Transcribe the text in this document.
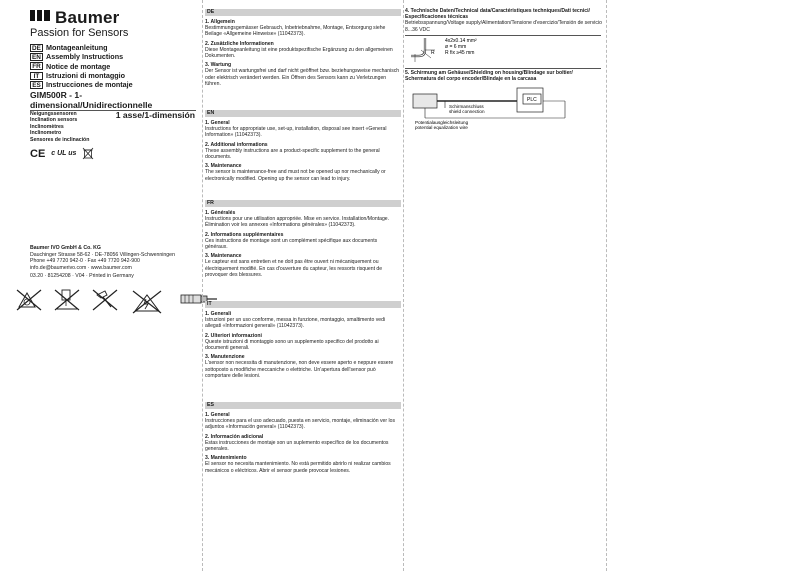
Baumer
Passion for Sensors
DE Montageanleitung
EN Assembly Instructions
FR Notice de montage
IT Istruzioni di montaggio
ES Instrucciones de montaje
GIM500R - 1-dimensional/Unidirectionnelle
1 asse/1-dimensión
Neigungssensoren
Inclination sensors
Inclinomètres
Inclinometro
Sensores de inclinación
CE c UL us
Baumer IVO GmbH & Co. KG
Dauchinger Strasse 58-62 · DE-78056 Villingen-Schwenningen
Phone +49 7720 942-0 · Fax +49 7720 942-900
info.de@baumerivo.com · www.baumer.com
03.20 · 81254208 · V04 · Printed in Germany
DE

1. Allgemein

Bestimmungsgemässer Gebrauch, Inbetriebnahme, Montage, Entsorgung siehe Beilage «Allgemeine Hinweise» (11042373).

2. Zusätzliche Informationen

Diese Montageanleitung ist eine produktspezifische Ergänzung zu den allgemeinen Dokumenten.

3. Wartung

Der Sensor ist wartungsfrei und darf nicht geöffnet bzw. beziehungsweise mechanisch oder elektrisch verändert werden. Ein Öffnen des Sensors kann zu Verletzungen führen.

EN

1. General

Instructions for appropriate use, set-up, installation, disposal see insert «General Information» (11042373).

2. Additional informations

These assembly instructions are a product-specific supplement to the general documents.

3. Maintenance

The sensor is maintenance-free and must not be opened up nor mechanically or electronically modified. Opening up the sensor can lead to injury.

FR

1. Généralés

Instructions pour une utilisation appropriée. Mise en service. Installation/Montage. Élimination voir les annexes «Informations générales» (11042373).

2. Informations supplémentaires

Ces instructions de montage sont un complément spécifique aux documents généraux.

3. Maintenance

Le capteur est sans entretien et ne doit pas être ouvert ni mécaniquement ou électriquement modifié. En cas d'ouverture du capteur, les ressorts risquent de provoquer des blessures.

IT

1. Generali

Istruzioni per un uso conforme, messa in funzione, montaggio, smaltimento vedi allegati «Informazioni generali» (11042373).

2. Ulteriori informazioni

Queste istruzioni di montaggio sono un supplemento specifico del prodotto ai documenti generali.

3. Manutenzione

L'sensor non necessita di manutenzione, non deve essere aperto e neppure essere sottoposto a modifiche meccaniche o elettriche. Un'apertura dell'sensor può comportare delle lesioni.

ES

1. General

Instrucciones para el uso adecuado, puesta en servicio, montaje, eliminación ver los adjuntos «Información general» (11042373).

2. Información adicional

Estas instrucciones de montaje son un suplemento específico de los documentos generales.

3. Mantenimiento

El sensor no necesita mantenimiento. No está permitido abrirlo ni realizar cambios mecánicos o eléctricos. Abrir el sensor puede provocar lesiones.

4. Technische Daten/Technical data/Caractéristiques techniques/Dati tecnici/ Especificaciones técnicas
Betriebsspannung/Voltage supply/Alimentation/Tensione d'esercizio/Tensión de servicio 8...36 VDC
R
4x2x0.14 mm²
ø = 6 mm
R fix ≥45 mm
5. Schirmung am Gehäuse/Shielding on housing/Blindage sur boîtier/ Schermatura del corpo encoder/Blindaje en la carcasa
PLC
Schirmanschluss
shield connection
Potentialausgleichsleitung
potential equalization wire
